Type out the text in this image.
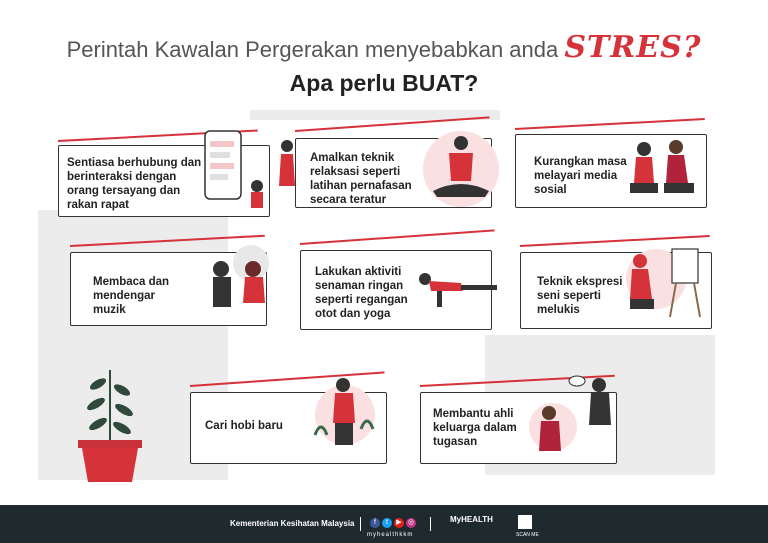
Perintah Kawalan Pergerakan menyebabkan anda STRES?
Apa perlu BUAT?
Sentiasa berhubung dan berinteraksi dengan orang tersayang dan rakan rapat
Amalkan teknik relaksasi seperti latihan pernafasan secara teratur
Kurangkan masa melayari media sosial
Membaca dan mendengar muzik
Lakukan aktiviti senaman ringan seperti regangan otot dan yoga
Teknik ekspresi seni seperti melukis
Cari hobi baru
Membantu ahli keluarga dalam tugasan
Kementerian Kesihatan Malaysia	f	t	▶ ◎
myhealthkkm
MyHEALTH
SCAN ME
